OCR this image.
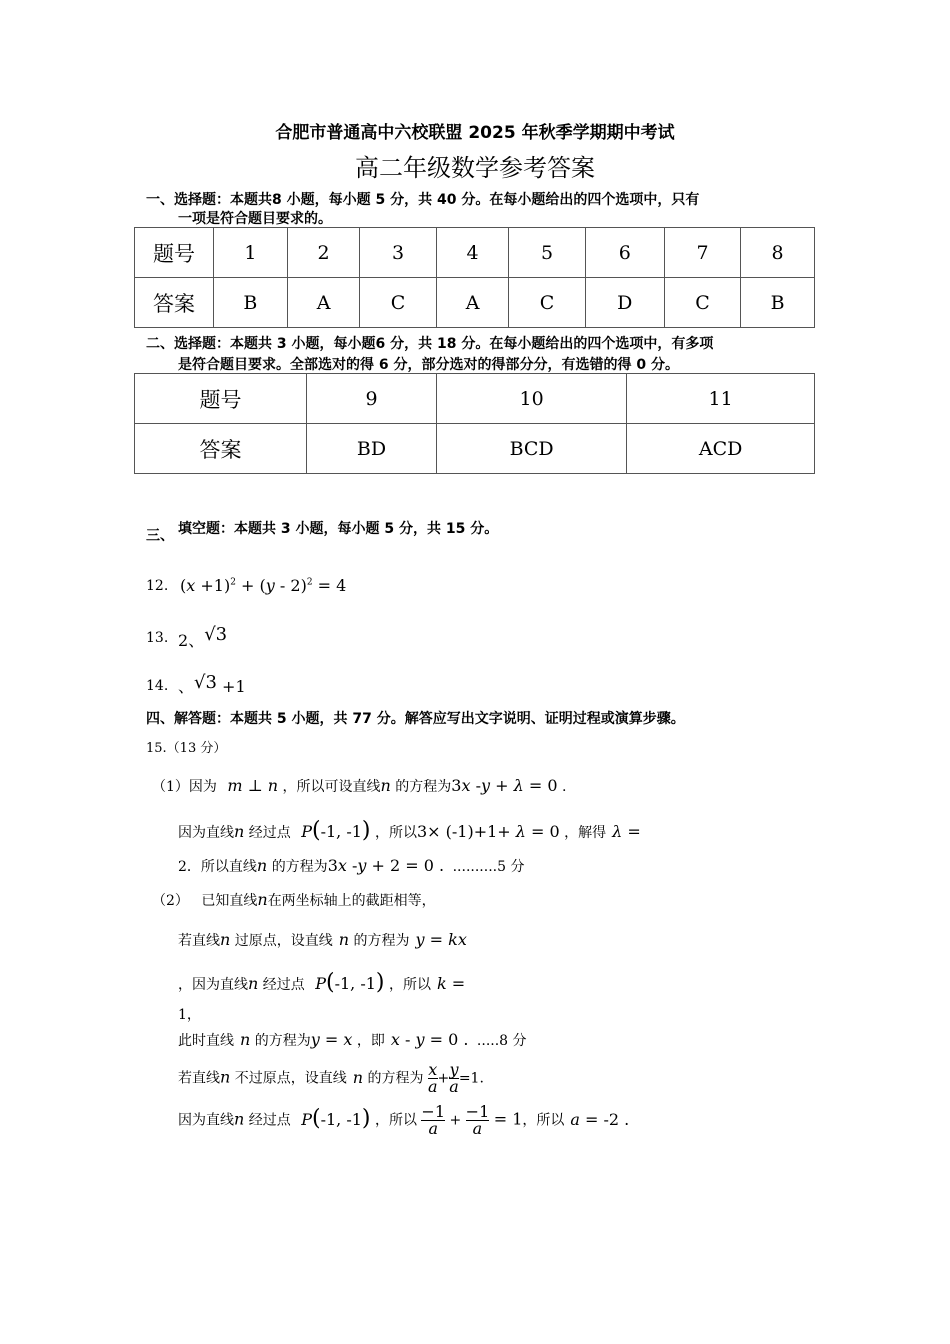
合肥市普通高中六校联盟 2025 年秋季学期期中考试
高二年级数学参考答案
一、选择题：本题共8 小题，每小题 5 分，共 40 分。在每小题给出的四个选项中，只有
一项是符合题目要求的。
题号	1	2	3	4	5	6	7	8
答案	B	A	C	A	C	D	C	B
二、选择题：本题共 3 小题，每小题6 分，共 18 分。在每小题给出的四个选项中，有多项
是符合题目要求。全部选对的得 6 分，部分选对的得部分分，有选错的得 0 分。
题号	9	10	11
答案	BD	BCD	ACD
三、 填空题：本题共 3 小题，每小题 5 分，共 15 分。
12. $(x +1)^2 + (y - 2)^2 = 4$
13. 2、√3
14. 、√3 +1
四、解答题：本题共 5 小题，共 77 分。解答应写出文字说明、证明过程或演算步骤。
15.（13 分）
（1）因为 m ⊥ n ，所以可设直线n 的方程为3x -y + λ = 0 .
因为直线n 经过点 P(-1, -1) ，所以3× (-1)+1+ λ = 0 ，解得 λ =
2．所以直线n 的方程为3x -y + 2 = 0 . ..........5 分
（2） 已知直线n在两坐标轴上的截距相等，
若直线n 过原点，设直线 n 的方程为 y = kx
，因为直线n 经过点 P(-1, -1) ，所以 k =
1，
此时直线 n 的方程为y = x ，即 x - y = 0 . .....8 分
若直线n 不过原点，设直线 n 的方程为 $\frac{x}{a} + \frac{y}{a} =1$.
因为直线n 经过点 P(-1, -1) ，所以 $\frac{-1}{a} + \frac{-1}{a} = 1$，所以 a = -2 .
